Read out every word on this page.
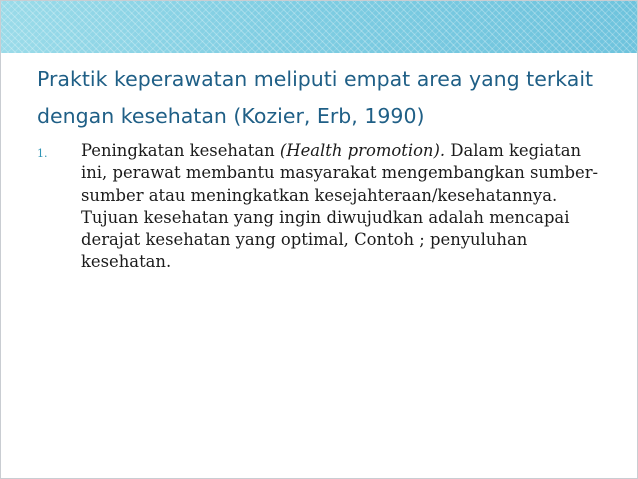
Praktik keperawatan meliputi empat area yang terkait dengan kesehatan (Kozier, Erb, 1990)
1. Peningkatan kesehatan (Health promotion). Dalam kegiatan ini, perawat membantu masyarakat mengembangkan sumber-sumber atau meningkatkan kesejahteraan/kesehatannya. Tujuan kesehatan yang ingin diwujudkan adalah mencapai derajat kesehatan yang optimal, Contoh ; penyuluhan kesehatan.
